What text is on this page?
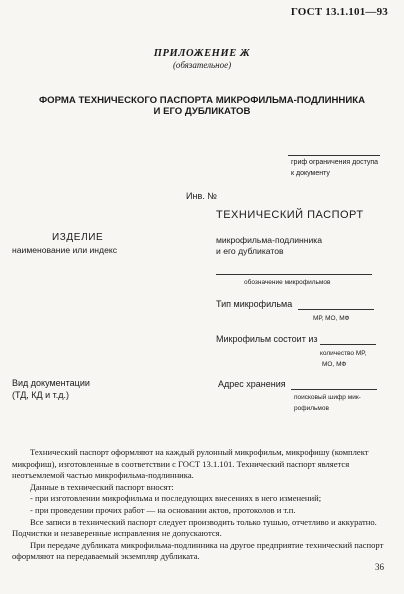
ГОСТ 13.1.101—93
ПРИЛОЖЕНИЕ Ж
(обязательное)
ФОРМА ТЕХНИЧЕСКОГО ПАСПОРТА МИКРОФИЛЬМА-ПОДЛИННИКА
И ЕГО ДУБЛИКАТОВ
гриф ограничения доступа
к документу
Инв. №
ТЕХНИЧЕСКИЙ ПАСПОРТ
ИЗДЕЛИЕ
наименование или индекс
микрофильма-подлинника
и его дубликатов
обозначение микрофильмов
Тип микрофильма
МР, МО, МФ
Микрофильм состоит из
количество МР,
МО, МФ
Вид документации
(ТД, КД и т.д.)
Адрес хранения
поисковый шифр мик-
рофильмов

Технический паспорт оформляют на каждый рулонный микрофильм, микрофишу (комплект микрофиш), изготовленные в соответствии с ГОСТ 13.1.101. Технический паспорт является неотъемлемой частью микрофильма-подлинника.

Данные в технический паспорт вносят:

- при изготовлении микрофильма и последующих внесениях в него изменений;

- при проведении прочих работ — на основании актов, протоколов и т.п.

Все записи в технический паспорт следует производить только тушью, отчетливо и аккуратно. Подчистки и незаверенные исправления не допускаются.

При передаче дубликата микрофильма-подлинника на другое предприятие технический паспорт оформляют на передаваемый экземпляр дубликата.

36
